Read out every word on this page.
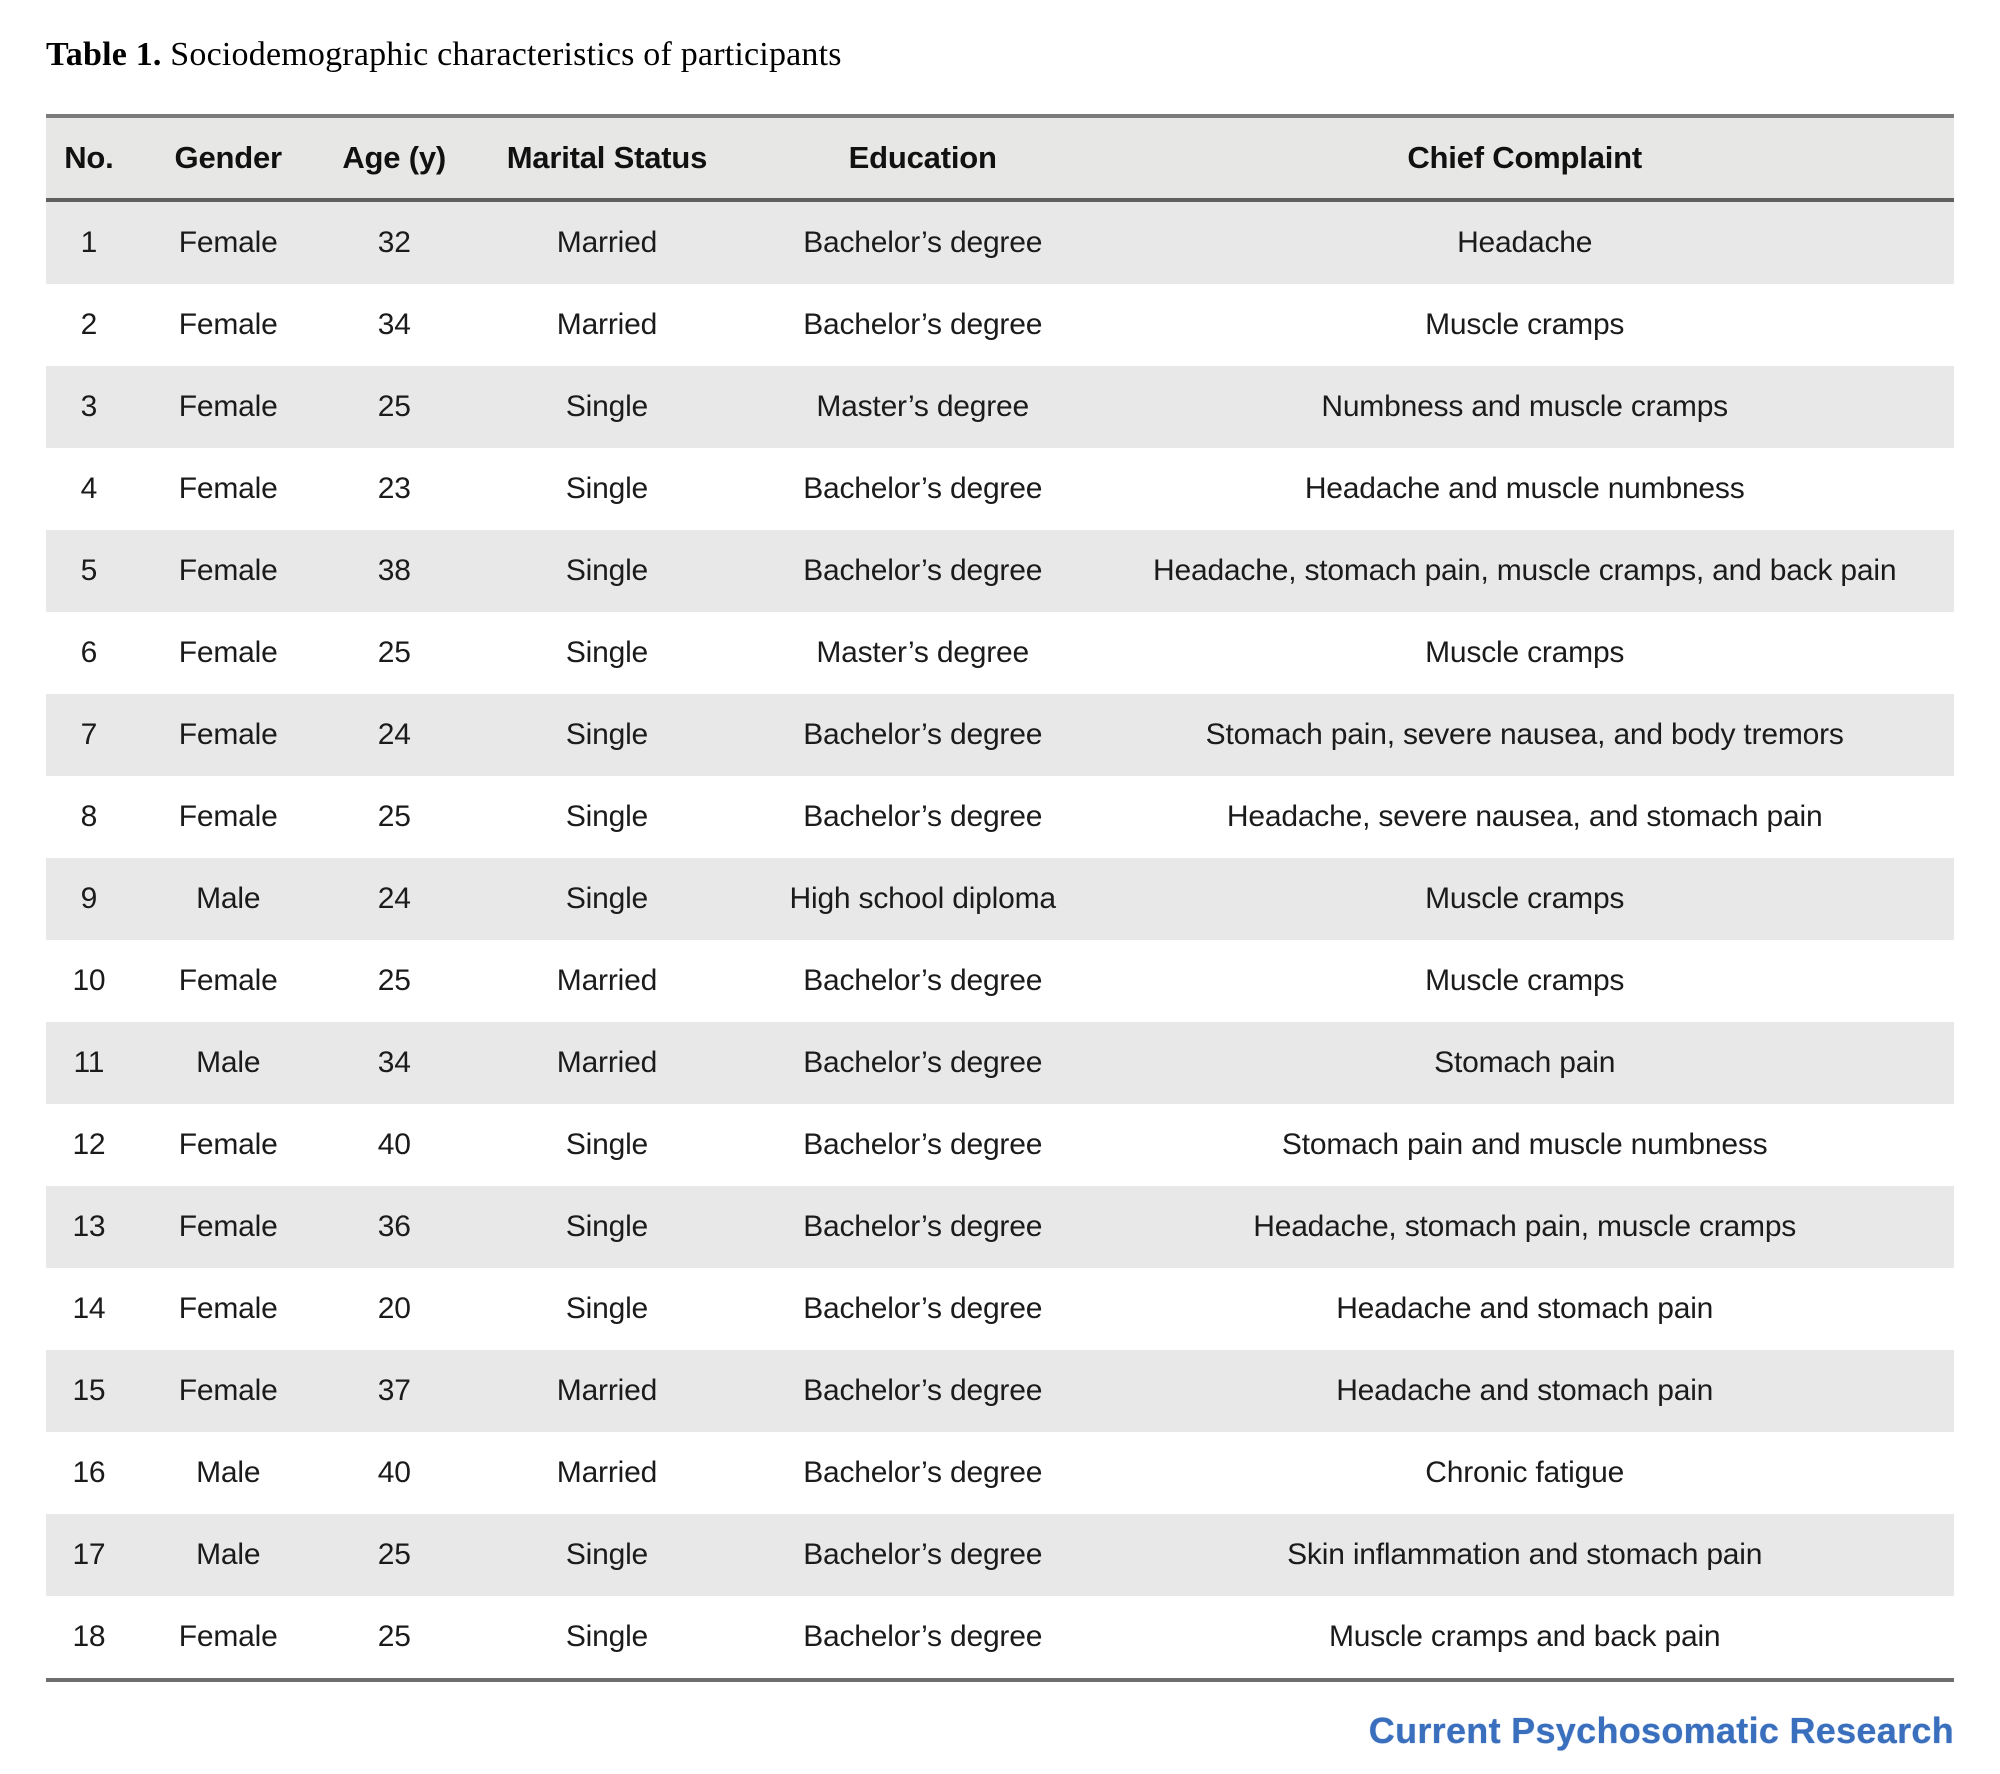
Table 1. Sociodemographic characteristics of participants
No.	Gender	Age (y)	Marital Status	Education	Chief Complaint
1	Female	32	Married	Bachelor’s degree	Headache
2	Female	34	Married	Bachelor’s degree	Muscle cramps
3	Female	25	Single	Master’s degree	Numbness and muscle cramps
4	Female	23	Single	Bachelor’s degree	Headache and muscle numbness
5	Female	38	Single	Bachelor’s degree	Headache, stomach pain, muscle cramps, and back pain
6	Female	25	Single	Master’s degree	Muscle cramps
7	Female	24	Single	Bachelor’s degree	Stomach pain, severe nausea, and body tremors
8	Female	25	Single	Bachelor’s degree	Headache, severe nausea, and stomach pain
9	Male	24	Single	High school diploma	Muscle cramps
10	Female	25	Married	Bachelor’s degree	Muscle cramps
11	Male	34	Married	Bachelor’s degree	Stomach pain
12	Female	40	Single	Bachelor’s degree	Stomach pain and muscle numbness
13	Female	36	Single	Bachelor’s degree	Headache, stomach pain, muscle cramps
14	Female	20	Single	Bachelor’s degree	Headache and stomach pain
15	Female	37	Married	Bachelor’s degree	Headache and stomach pain
16	Male	40	Married	Bachelor’s degree	Chronic fatigue
17	Male	25	Single	Bachelor’s degree	Skin inflammation and stomach pain
18	Female	25	Single	Bachelor’s degree	Muscle cramps and back pain
Current Psychosomatic Research
